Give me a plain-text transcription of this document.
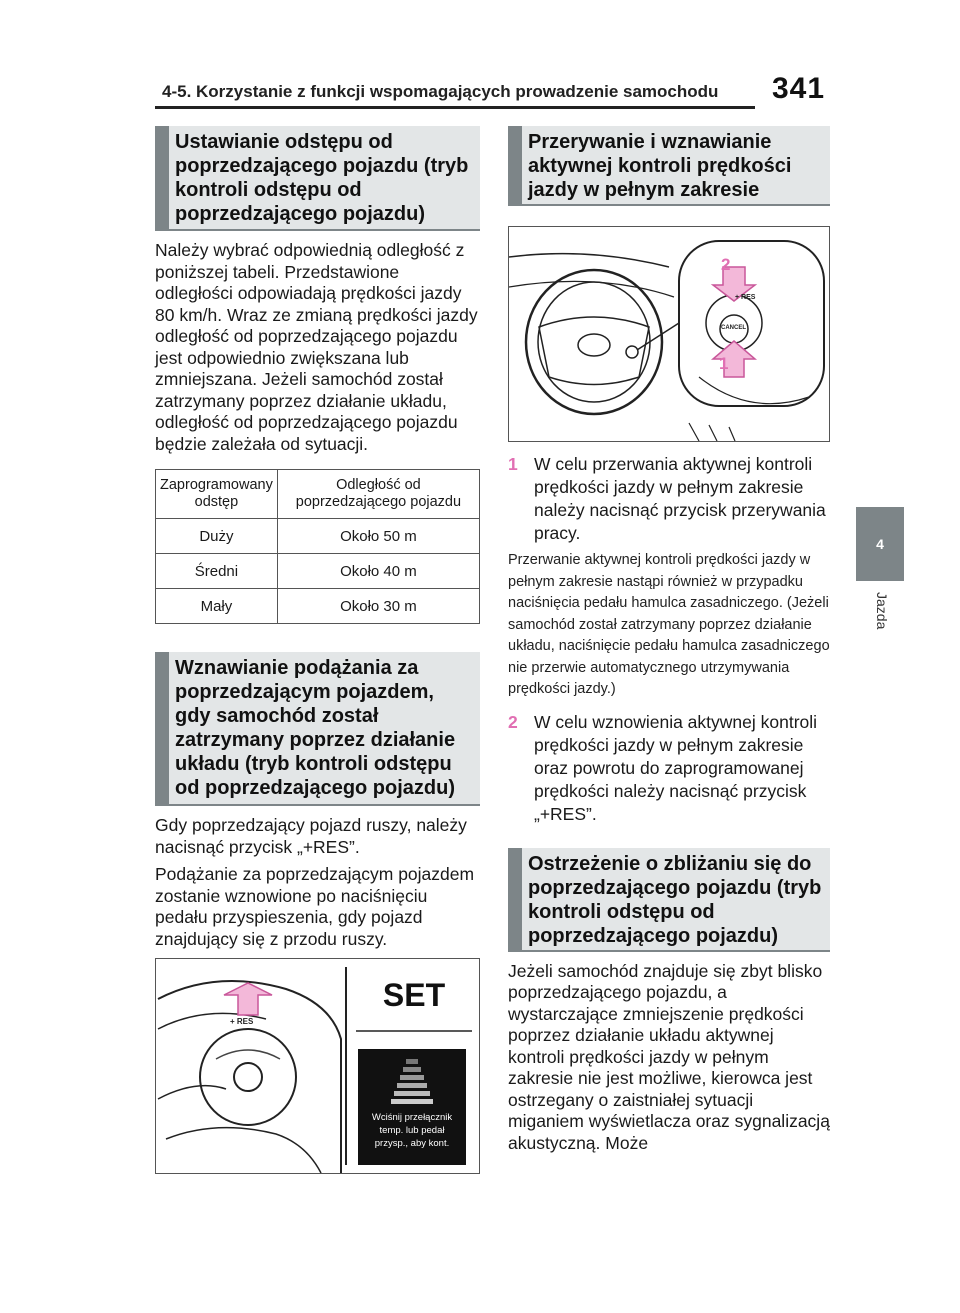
4-5. Korzystanie z funkcji wspomagających prowadzenie samochodu	341
4
Jazda
Ustawianie odstępu od poprzedzającego pojazdu (tryb kontroli odstępu od poprzedzającego pojazdu)

Należy wybrać odpowiednią odległość z poniższej tabeli. Przedstawione odległości odpowiadają prędkości jazdy 80 km/h. Wraz ze zmianą prędkości jazdy odległość od poprzedzającego pojazdu jest odpowiednio zwiększana lub zmniejszana. Jeżeli samochód został zatrzymany poprzez działanie układu, odległość od poprzedzającego pojazdu będzie zależała od sytuacji.

Zaprogramowany odstęp	Odległość od poprzedzającego pojazdu
Duży	Około 50 m
Średni	Około 40 m
Mały	Około 30 m
Wznawianie podążania za poprzedzającym pojazdem, gdy samochód został zatrzymany poprzez działanie układu (tryb kontroli odstępu od poprzedzającego pojazdu)

Gdy poprzedzający pojazd ruszy, należy nacisnąć przycisk „+RES”.

Podążanie za poprzedzającym pojazdem zostanie wznowione po naciśnięciu pedału przyspieszenia, gdy pojazd znajdujący się z przodu ruszy.

+ RES
SET
Wciśnij przełącznik temp. lub pedał przysp., aby kont.
Przerywanie i wznawianie aktywnej kontroli prędkości jazdy w pełnym zakresie
+ RES
CANCEL
2
1
1 W celu przerwania aktywnej kontroli prędkości jazdy w pełnym zakresie należy nacisnąć przycisk przerywania pracy.

Przerwanie aktywnej kontroli prędkości jazdy w pełnym zakresie nastąpi również w przypadku naciśnięcia pedału hamulca zasadniczego. (Jeżeli samochód został zatrzymany poprzez działanie układu, naciśnięcie pedału hamulca zasadniczego nie przerwie automatycznego utrzymywania prędkości jazdy.)

2 W celu wznowienia aktywnej kontroli prędkości jazdy w pełnym zakresie oraz powrotu do zaprogramowanej prędkości należy nacisnąć przycisk „+RES”.
Ostrzeżenie o zbliżaniu się do poprzedzającego pojazdu (tryb kontroli odstępu od poprzedzającego pojazdu)

Jeżeli samochód znajduje się zbyt blisko poprzedzającego pojazdu, a wystarczające zmniejszenie prędkości poprzez działanie układu aktywnej kontroli prędkości jazdy w pełnym zakresie nie jest możliwe, kierowca jest ostrzegany o zaistniałej sytuacji miganiem wyświetlacza oraz sygnalizacją akustyczną. Może
